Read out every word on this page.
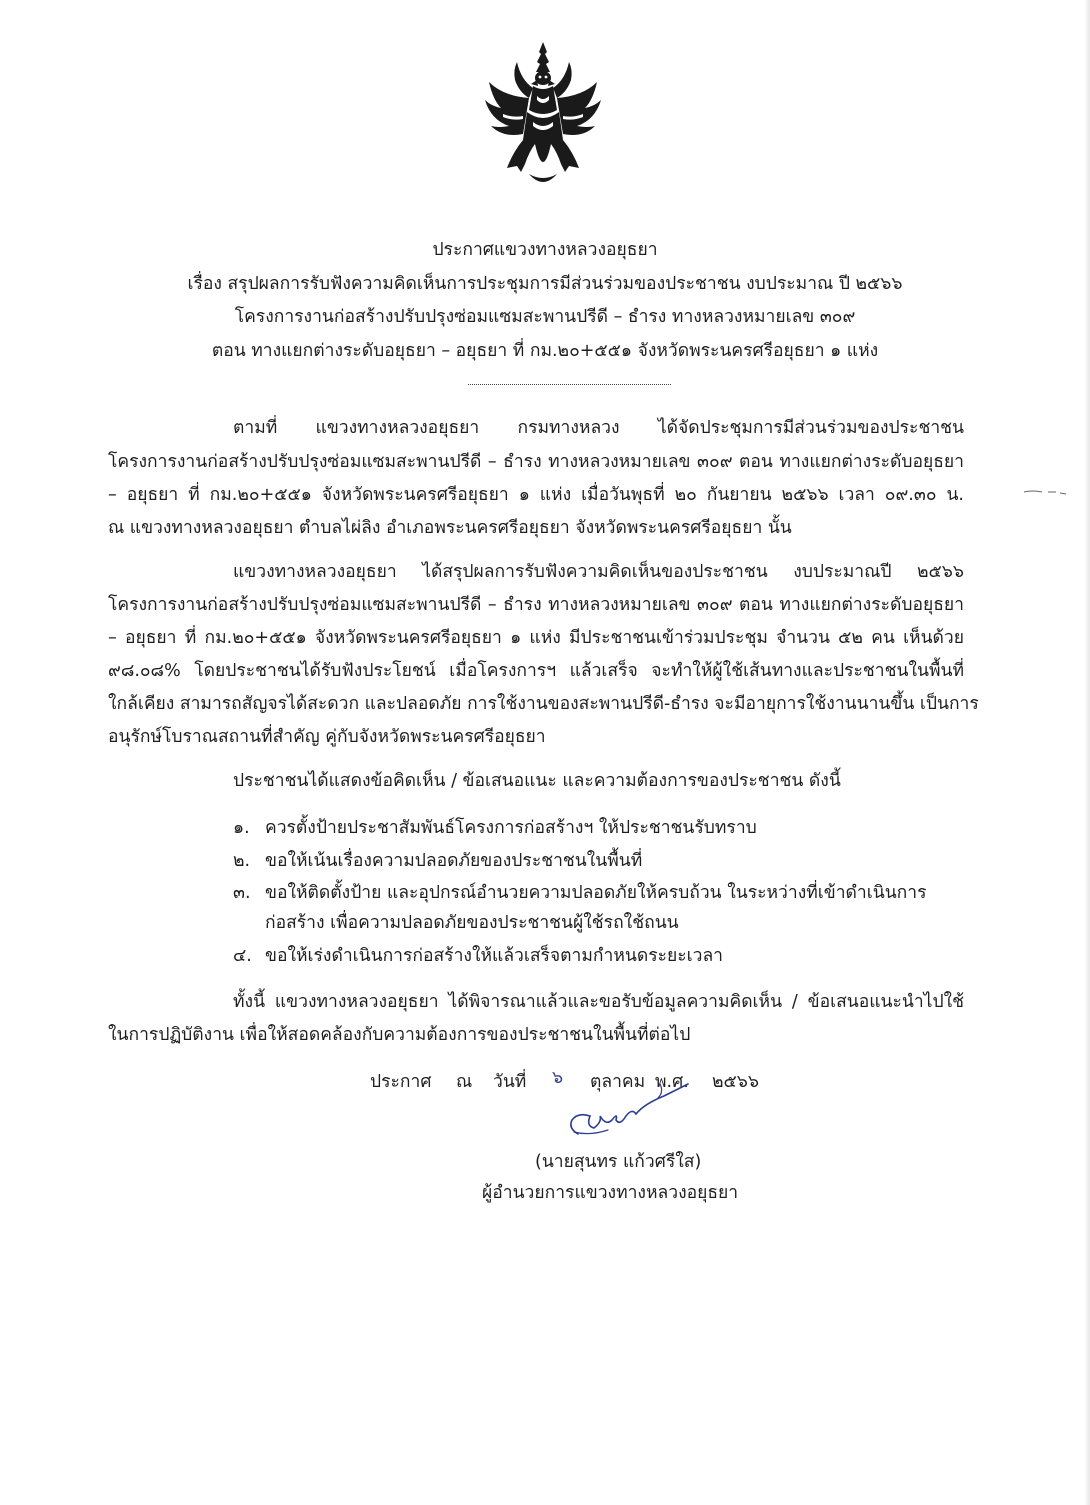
ประกาศแขวงทางหลวงอยุธยา
เรื่อง สรุปผลการรับฟังความคิดเห็นการประชุมการมีส่วนร่วมของประชาชน งบประมาณ ปี ๒๕๖๖
โครงการงานก่อสร้างปรับปรุงซ่อมแซมสะพานปรีดี – ธำรง ทางหลวงหมายเลข ๓๐๙
ตอน ทางแยกต่างระดับอยุธยา – อยุธยา ที่ กม.๒๐+๕๕๑ จังหวัดพระนครศรีอยุธยา ๑ แห่ง
ตามที่ แขวงทางหลวงอยุธยา กรมทางหลวง ได้จัดประชุมการมีส่วนร่วมของประชาชน
โครงการงานก่อสร้างปรับปรุงซ่อมแซมสะพานปรีดี – ธำรง ทางหลวงหมายเลข ๓๐๙ ตอน ทางแยกต่างระดับอยุธยา
– อยุธยา ที่ กม.๒๐+๕๕๑ จังหวัดพระนครศรีอยุธยา ๑ แห่ง เมื่อวันพุธที่ ๒๐ กันยายน ๒๕๖๖ เวลา ๐๙.๓๐ น.
ณ แขวงทางหลวงอยุธยา ตำบลไผ่ลิง อำเภอพระนครศรีอยุธยา จังหวัดพระนครศรีอยุธยา นั้น
แขวงทางหลวงอยุธยา ได้สรุปผลการรับฟังความคิดเห็นของประชาชน งบประมาณปี ๒๕๖๖
โครงการงานก่อสร้างปรับปรุงซ่อมแซมสะพานปรีดี – ธำรง ทางหลวงหมายเลข ๓๐๙ ตอน ทางแยกต่างระดับอยุธยา
– อยุธยา ที่ กม.๒๐+๕๕๑ จังหวัดพระนครศรีอยุธยา ๑ แห่ง มีประชาชนเข้าร่วมประชุม จำนวน ๕๒ คน เห็นด้วย
๙๘.๐๘% โดยประชาชนได้รับฟังประโยชน์ เมื่อโครงการฯ แล้วเสร็จ จะทำให้ผู้ใช้เส้นทางและประชาชนในพื้นที่
ใกล้เคียง สามารถสัญจรได้สะดวก และปลอดภัย การใช้งานของสะพานปรีดี-ธำรง จะมีอายุการใช้งานนานขึ้น เป็นการ
อนุรักษ์โบราณสถานที่สำคัญ คู่กับจังหวัดพระนครศรีอยุธยา
ประชาชนได้แสดงข้อคิดเห็น / ข้อเสนอแนะ และความต้องการของประชาชน ดังนี้
๑. ควรตั้งป้ายประชาสัมพันธ์โครงการก่อสร้างฯ ให้ประชาชนรับทราบ
๒. ขอให้เน้นเรื่องความปลอดภัยของประชาชนในพื้นที่
๓. ขอให้ติดตั้งป้าย และอุปกรณ์อำนวยความปลอดภัยให้ครบถ้วน ในระหว่างที่เข้าดำเนินการ
ก่อสร้าง เพื่อความปลอดภัยของประชาชนผู้ใช้รถใช้ถนน
๔. ขอให้เร่งดำเนินการก่อสร้างให้แล้วเสร็จตามกำหนดระยะเวลา
ทั้งนี้ แขวงทางหลวงอยุธยา ได้พิจารณาแล้วและขอรับข้อมูลความคิดเห็น / ข้อเสนอแนะนำไปใช้
ในการปฏิบัติงาน เพื่อให้สอดคล้องกับความต้องการของประชาชนในพื้นที่ต่อไป
ประกาศ ณ วันที่ ๖ ตุลาคม พ.ศ. ๒๕๖๖
(นายสุนทร แก้วศรีใส)
ผู้อำนวยการแขวงทางหลวงอยุธยา
